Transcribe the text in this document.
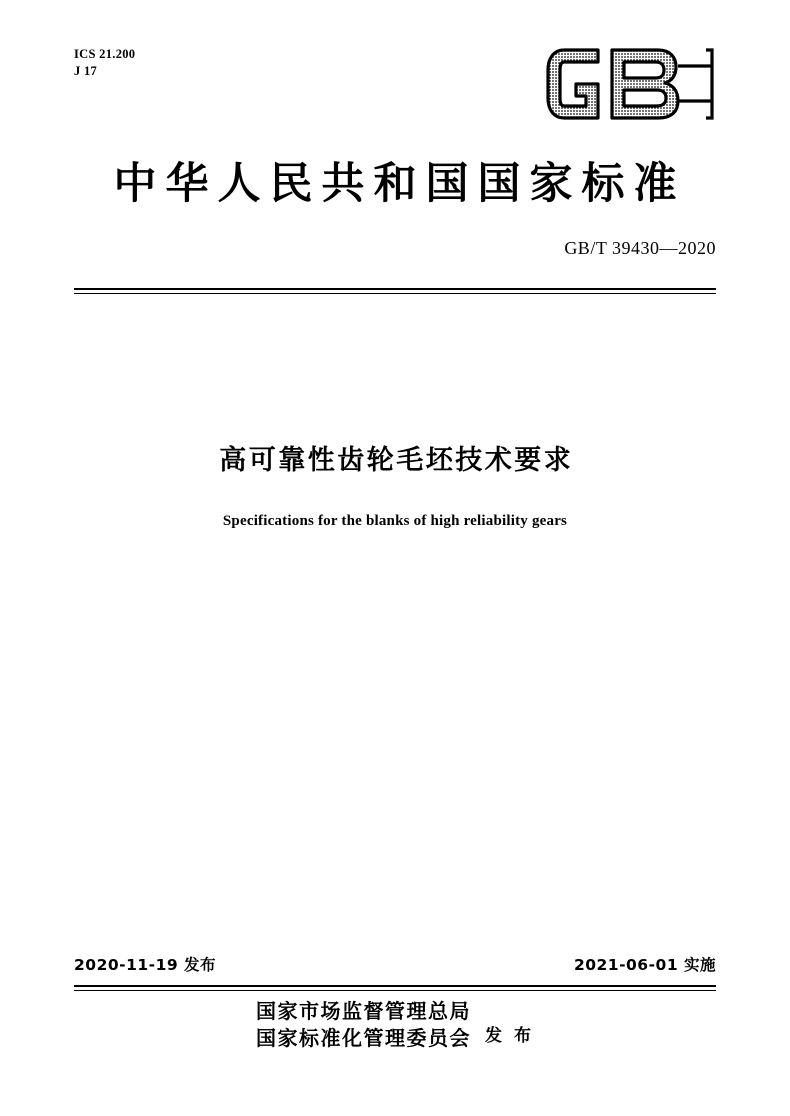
ICS 21.200
J 17
中华人民共和国国家标准
GB/T 39430—2020
高可靠性齿轮毛坯技术要求
Specifications for the blanks of high reliability gears
2020-11-19 发布	2021-06-01 实施
国家市场监督管理总局
国家标准化管理委员会 发 布
